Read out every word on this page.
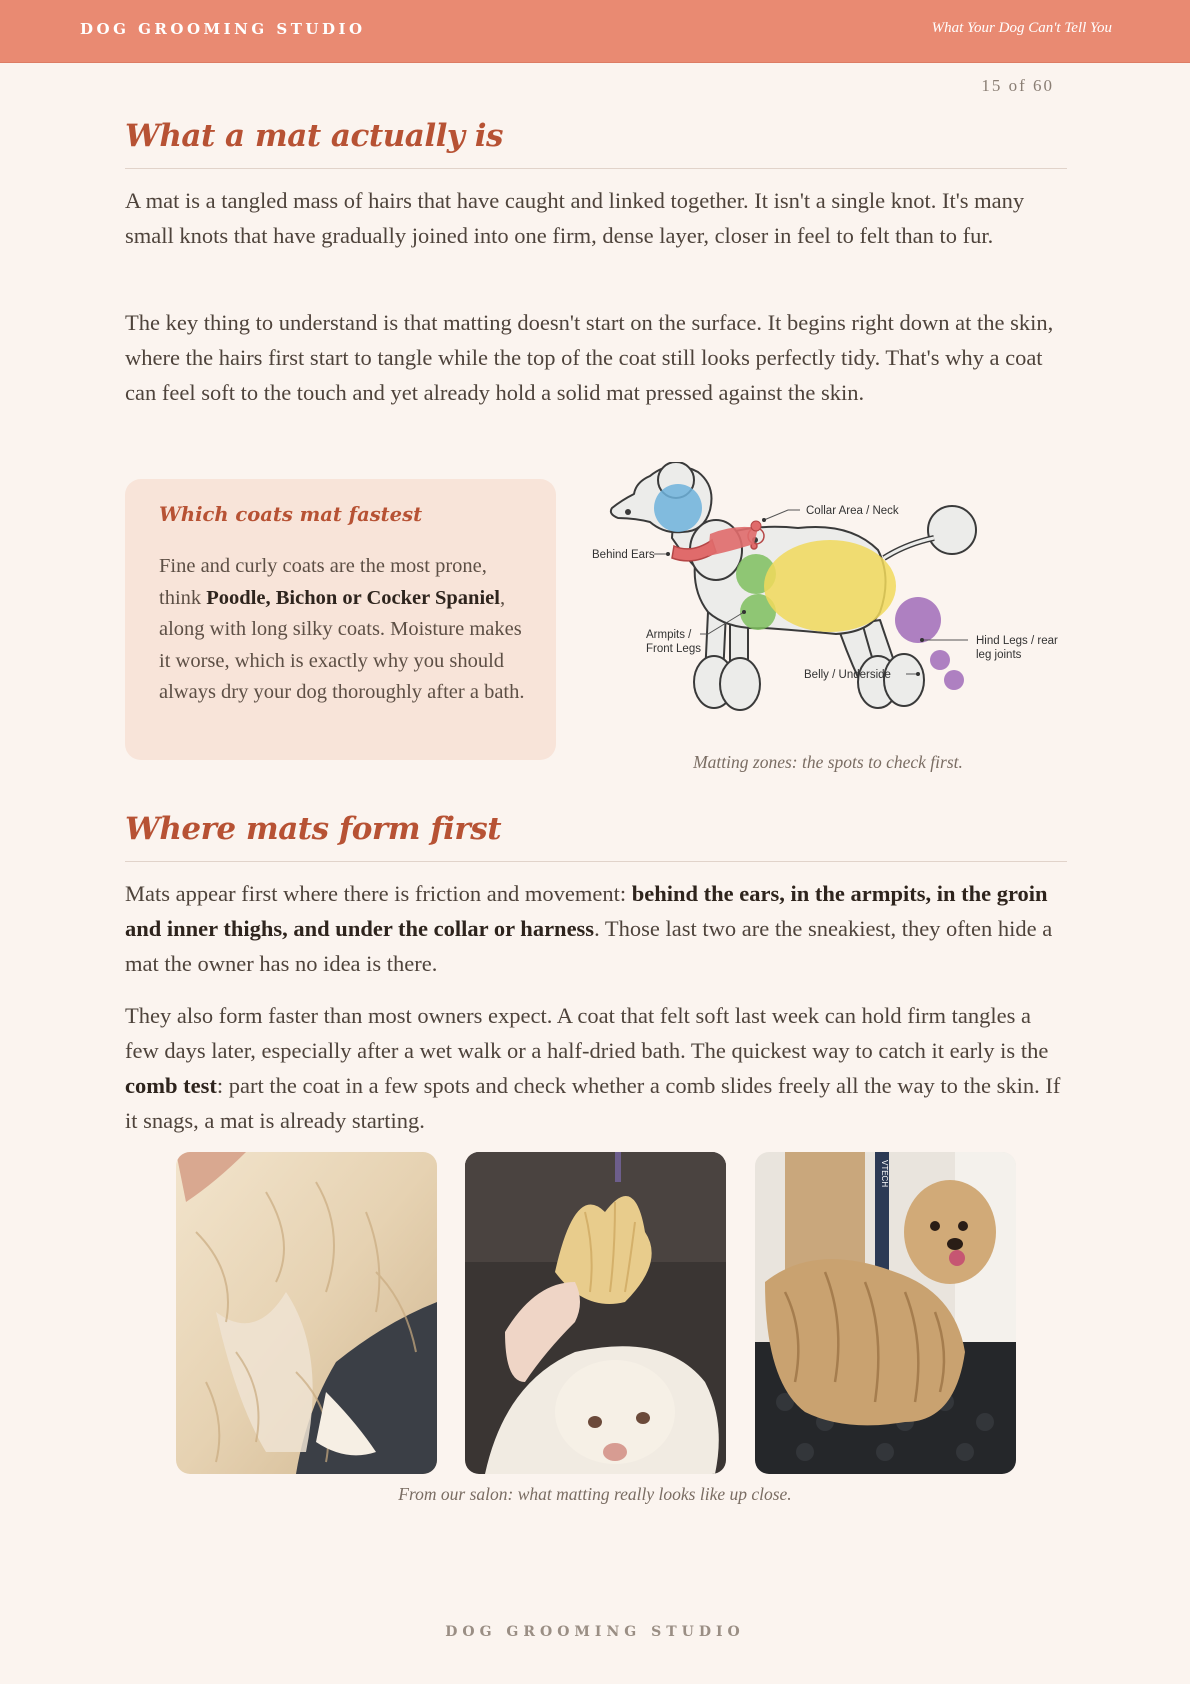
DOG GROOMING STUDIO	What Your Dog Can't Tell You
15 of 60
What a mat actually is

A mat is a tangled mass of hairs that have caught and linked together. It isn't a single knot. It's many small knots that have gradually joined into one firm, dense layer, closer in feel to felt than to fur.

The key thing to understand is that matting doesn't start on the surface. It begins right down at the skin, where the hairs first start to tangle while the top of the coat still looks perfectly tidy. That's why a coat can feel soft to the touch and yet already hold a solid mat pressed against the skin.

Which coats mat fastest

Fine and curly coats are the most prone, think Poodle, Bichon or Cocker Spaniel, along with long silky coats. Moisture makes it worse, which is exactly why you should always dry your dog thoroughly after a bath.

Collar Area / Neck
Behind Ears
Armpits /
Front Legs
Hind Legs / rear
leg joints
Belly / Underside

Matting zones: the spots to check first.

Where mats form first

Mats appear first where there is friction and movement: behind the ears, in the armpits, in the groin and inner thighs, and under the collar or harness. Those last two are the sneakiest, they often hide a mat the owner has no idea is there.

They also form faster than most owners expect. A coat that felt soft last week can hold firm tangles a few days later, especially after a wet walk or a half-dried bath. The quickest way to catch it early is the comb test: part the coat in a few spots and check whether a comb slides freely all the way to the skin. If it snags, a mat is already starting.

VTECH

From our salon: what matting really looks like up close.

DOG GROOMING STUDIO
